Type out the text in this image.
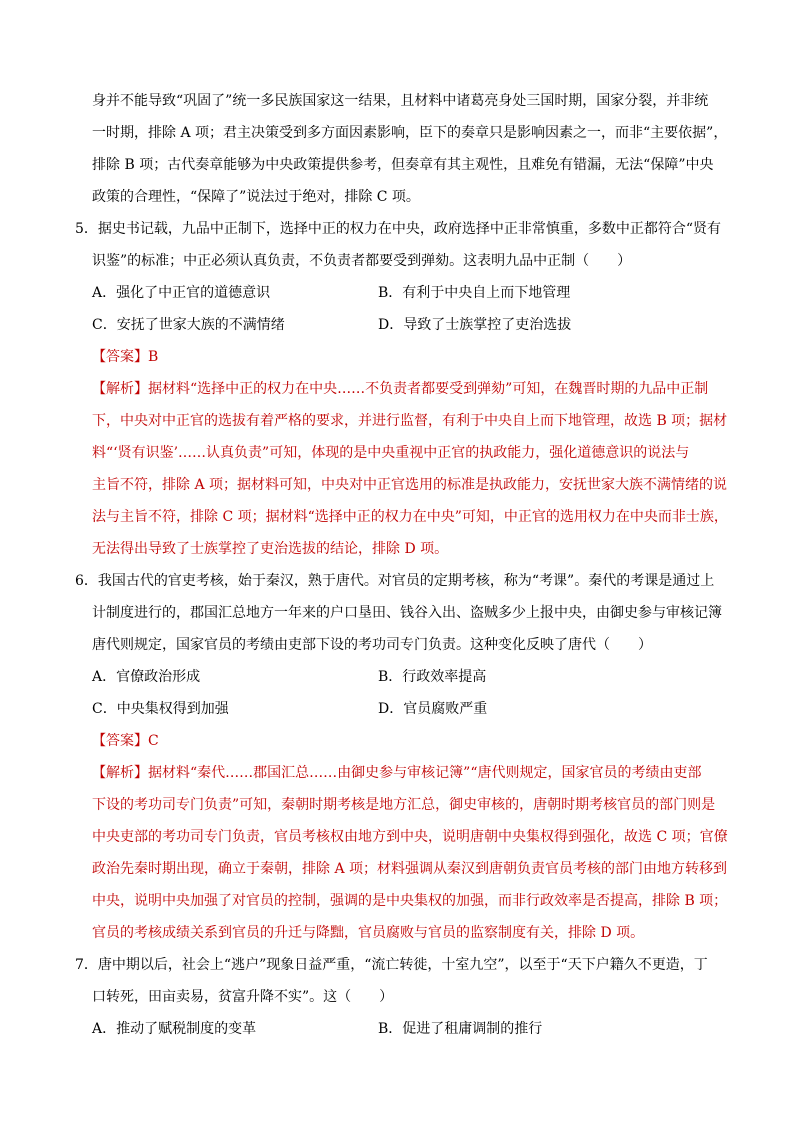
身并不能导致“巩固了”统一多民族国家这一结果，且材料中诸葛亮身处三国时期，国家分裂，并非统
一时期，排除 A 项；君主决策受到多方面因素影响，臣下的奏章只是影响因素之一，而非“主要依据”，
排除 B 项；古代奏章能够为中央政策提供参考，但奏章有其主观性，且难免有错漏，无法“保障”中央
政策的合理性，“保障了”说法过于绝对，排除 C 项。
5．据史书记载，九品中正制下，选择中正的权力在中央，政府选择中正非常慎重，多数中正都符合“贤有
识鉴”的标准；中正必须认真负责，不负责者都要受到弹劾。这表明九品中正制（　　）
A．强化了中正官的道德意识	B．有利于中央自上而下地管理
C．安抚了世家大族的不满情绪	D．导致了士族掌控了吏治选拔
【答案】B
【解析】据材料“选择中正的权力在中央……不负责者都要受到弹劾”可知，在魏晋时期的九品中正制
下，中央对中正官的选拔有着严格的要求，并进行监督，有利于中央自上而下地管理，故选 B 项；据材
料“‘贤有识鉴’……认真负责”可知，体现的是中央重视中正官的执政能力，强化道德意识的说法与
主旨不符，排除 A 项；据材料可知，中央对中正官选用的标准是执政能力，安抚世家大族不满情绪的说
法与主旨不符，排除 C 项；据材料“选择中正的权力在中央”可知，中正官的选用权力在中央而非士族，
无法得出导致了士族掌控了吏治选拔的结论，排除 D 项。
6．我国古代的官吏考核，始于秦汉，熟于唐代。对官员的定期考核，称为“考课”。秦代的考课是通过上
计制度进行的，郡国汇总地方一年来的户口垦田、钱谷入出、盗贼多少上报中央，由御史参与审核记簿
唐代则规定，国家官员的考绩由吏部下设的考功司专门负责。这种变化反映了唐代（　　）
A．官僚政治形成	B．行政效率提高
C．中央集权得到加强	D．官员腐败严重
【答案】C
【解析】据材料“秦代……郡国汇总……由御史参与审核记簿”“唐代则规定，国家官员的考绩由吏部
下设的考功司专门负责”可知，秦朝时期考核是地方汇总，御史审核的，唐朝时期考核官员的部门则是
中央吏部的考功司专门负责，官员考核权由地方到中央，说明唐朝中央集权得到强化，故选 C 项；官僚
政治先秦时期出现，确立于秦朝，排除 A 项；材料强调从秦汉到唐朝负责官员考核的部门由地方转移到
中央，说明中央加强了对官员的控制，强调的是中央集权的加强，而非行政效率是否提高，排除 B 项；
官员的考核成绩关系到官员的升迁与降黜，官员腐败与官员的监察制度有关，排除 D 项。
7．唐中期以后，社会上“逃户”现象日益严重，“流亡转徙，十室九空”，以至于“天下户籍久不更造，丁
口转死，田亩卖易，贫富升降不实”。这（　　）
A．推动了赋税制度的变革	B．促进了租庸调制的推行
